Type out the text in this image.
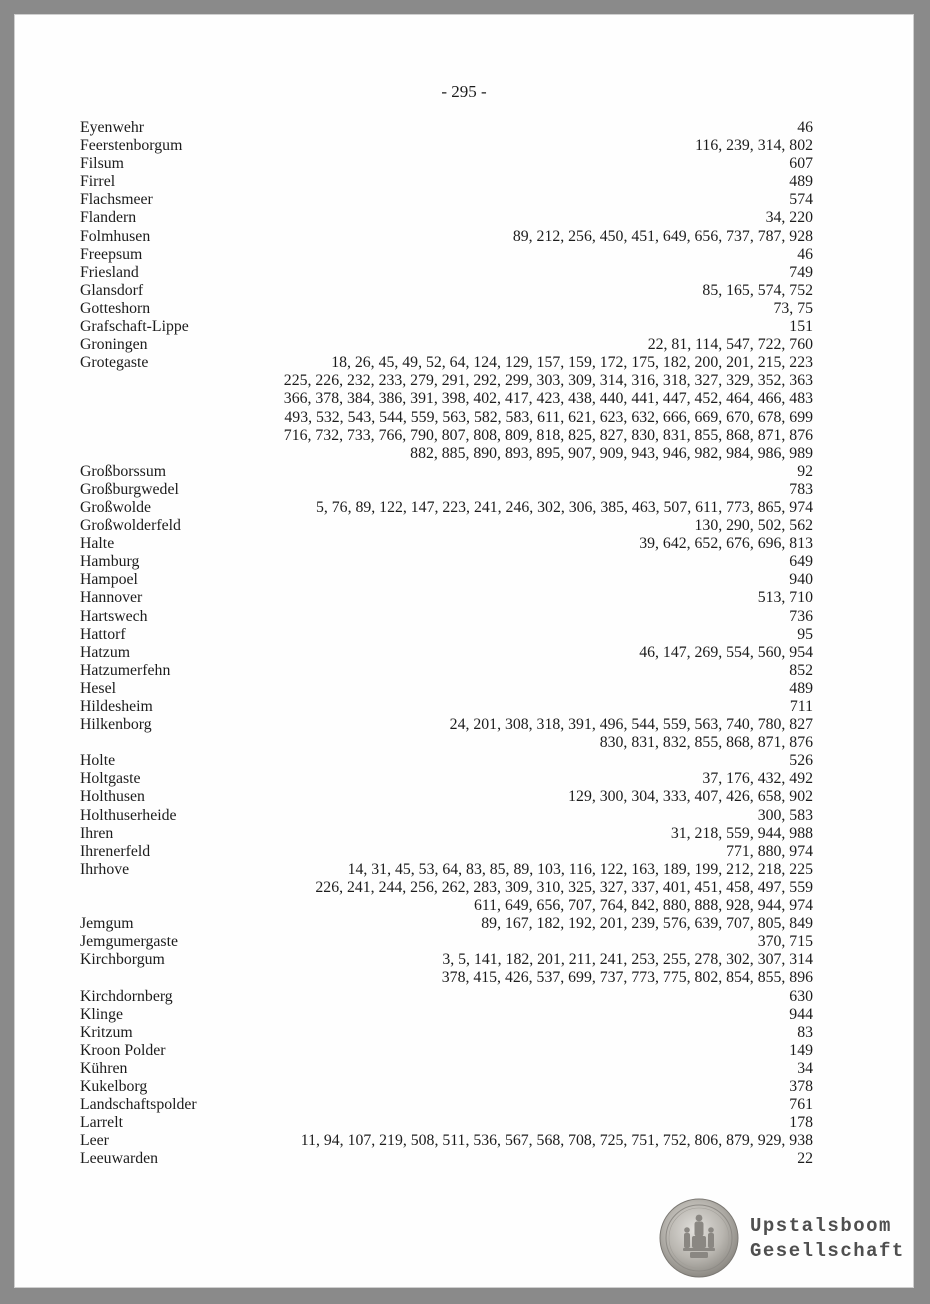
- 295 -
Eyenwehr	46
Feerstenborgum	116, 239, 314, 802
Filsum	607
Firrel	489
Flachsmeer	574
Flandern	34, 220
Folmhusen	89, 212, 256, 450, 451, 649, 656, 737, 787, 928
Freepsum	46
Friesland	749
Glansdorf	85, 165, 574, 752
Gotteshorn	73, 75
Grafschaft-Lippe	151
Groningen	22, 81, 114, 547, 722, 760
Grotegaste	18, 26, 45, 49, 52, 64, 124, 129, 157, 159, 172, 175, 182, 200, 201, 215, 223
225, 226, 232, 233, 279, 291, 292, 299, 303, 309, 314, 316, 318, 327, 329, 352, 363
366, 378, 384, 386, 391, 398, 402, 417, 423, 438, 440, 441, 447, 452, 464, 466, 483
493, 532, 543, 544, 559, 563, 582, 583, 611, 621, 623, 632, 666, 669, 670, 678, 699
716, 732, 733, 766, 790, 807, 808, 809, 818, 825, 827, 830, 831, 855, 868, 871, 876
882, 885, 890, 893, 895, 907, 909, 943, 946, 982, 984, 986, 989
Großborssum	92
Großburgwedel	783
Großwolde	5, 76, 89, 122, 147, 223, 241, 246, 302, 306, 385, 463, 507, 611, 773, 865, 974
Großwolderfeld	130, 290, 502, 562
Halte	39, 642, 652, 676, 696, 813
Hamburg	649
Hampoel	940
Hannover	513, 710
Hartswech	736
Hattorf	95
Hatzum	46, 147, 269, 554, 560, 954
Hatzumerfehn	852
Hesel	489
Hildesheim	711
Hilkenborg	24, 201, 308, 318, 391, 496, 544, 559, 563, 740, 780, 827
830, 831, 832, 855, 868, 871, 876
Holte	526
Holtgaste	37, 176, 432, 492
Holthusen	129, 300, 304, 333, 407, 426, 658, 902
Holthuserheide	300, 583
Ihren	31, 218, 559, 944, 988
Ihrenerfeld	771, 880, 974
Ihrhove	14, 31, 45, 53, 64, 83, 85, 89, 103, 116, 122, 163, 189, 199, 212, 218, 225
226, 241, 244, 256, 262, 283, 309, 310, 325, 327, 337, 401, 451, 458, 497, 559
611, 649, 656, 707, 764, 842, 880, 888, 928, 944, 974
Jemgum	89, 167, 182, 192, 201, 239, 576, 639, 707, 805, 849
Jemgumergaste	370, 715
Kirchborgum	3, 5, 141, 182, 201, 211, 241, 253, 255, 278, 302, 307, 314
378, 415, 426, 537, 699, 737, 773, 775, 802, 854, 855, 896
Kirchdornberg	630
Klinge	944
Kritzum	83
Kroon Polder	149
Kühren	34
Kukelborg	378
Landschaftspolder	761
Larrelt	178
Leer	11, 94, 107, 219, 508, 511, 536, 567, 568, 708, 725, 751, 752, 806, 879, 929, 938
Leeuwarden	22
Upstalsboom
Gesellschaft
